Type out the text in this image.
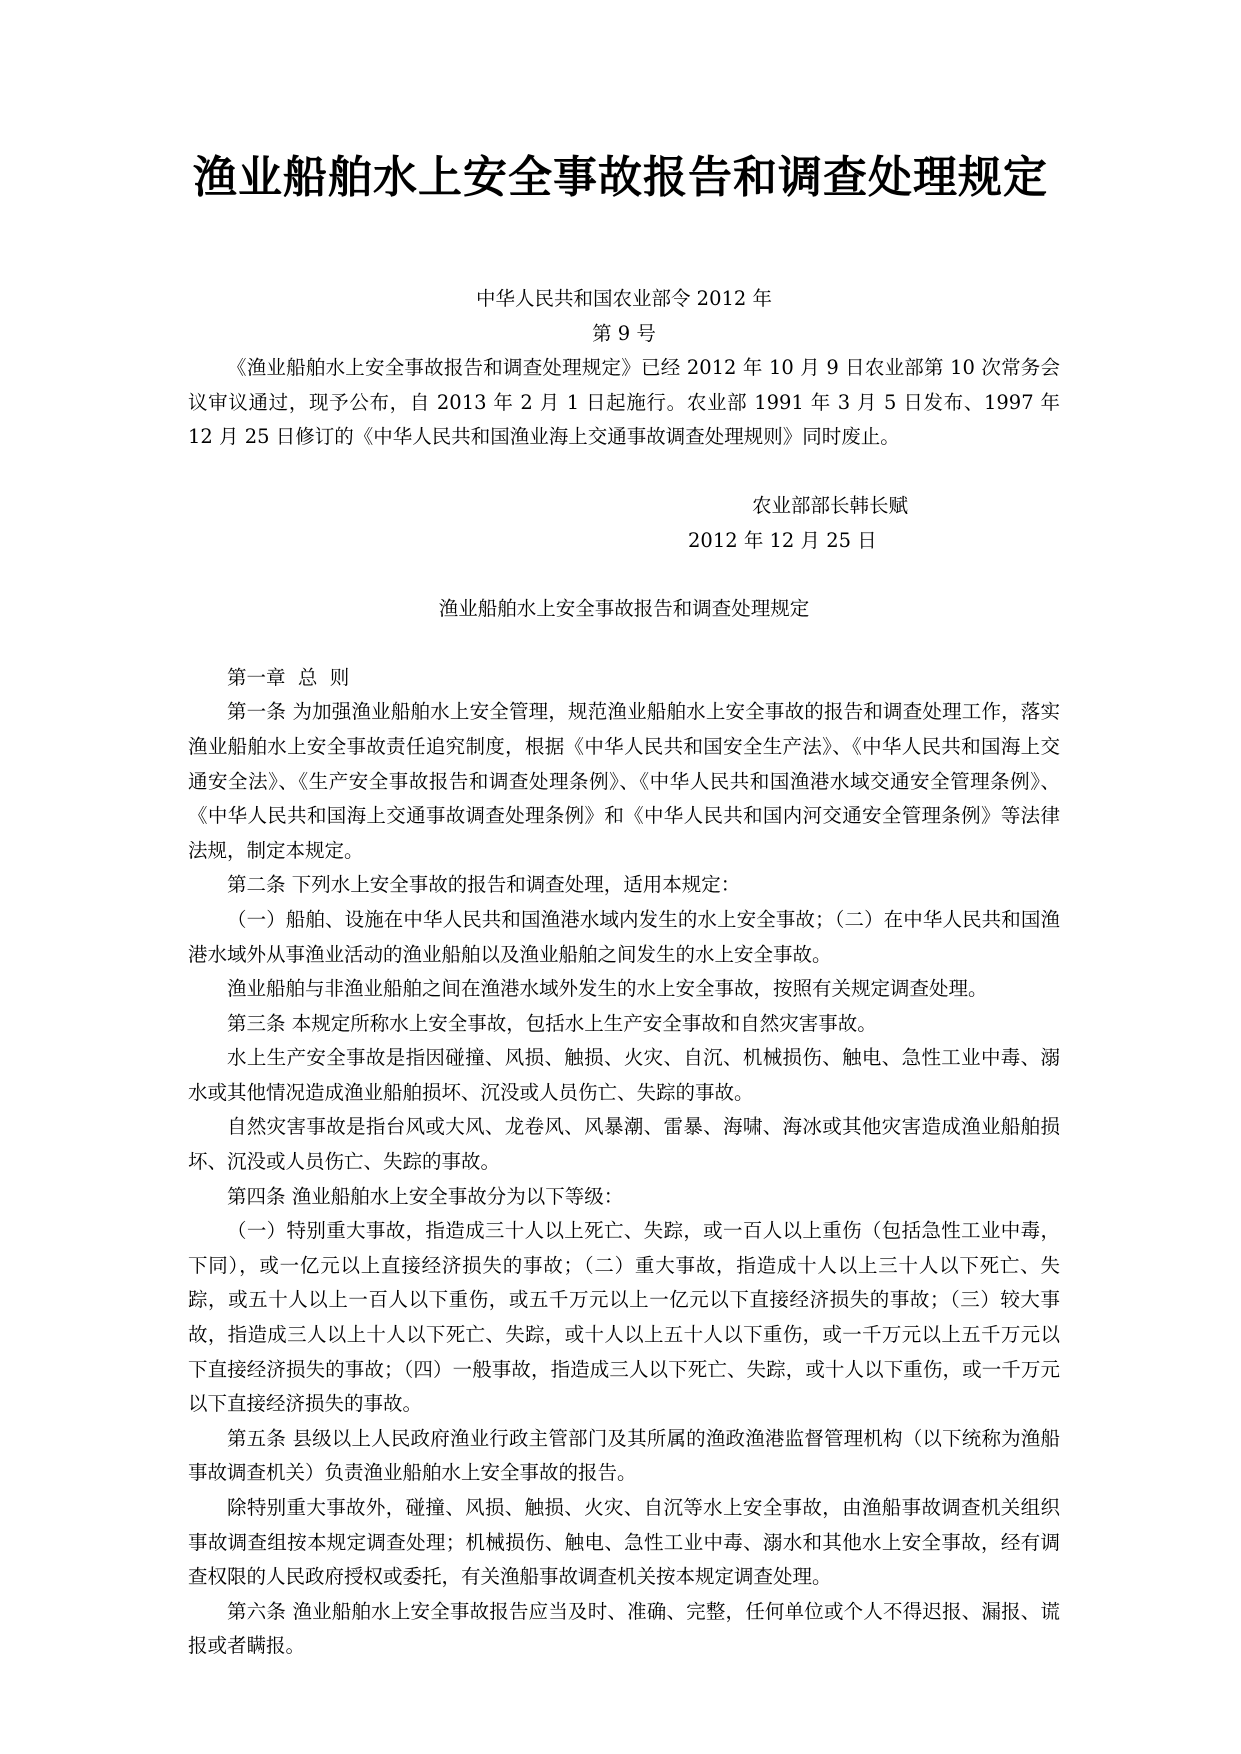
渔业船舶水上安全事故报告和调查处理规定

中华人民共和国农业部令 2012 年

第 9 号

《渔业船舶水上安全事故报告和调查处理规定》已经 2012 年 10 月 9 日农业部第 10 次常务会议审议通过，现予公布，自 2013 年 2 月 1 日起施行。农业部 1991 年 3 月 5 日发布、1997 年 12 月 25 日修订的《中华人民共和国渔业海上交通事故调查处理规则》同时废止。

农业部部长韩长赋

2012 年 12 月 25 日

渔业船舶水上安全事故报告和调查处理规定

第一章  总  则

第一条 为加强渔业船舶水上安全管理，规范渔业船舶水上安全事故的报告和调查处理工作，落实渔业船舶水上安全事故责任追究制度，根据《中华人民共和国安全生产法》、《中华人民共和国海上交通安全法》、《生产安全事故报告和调查处理条例》、《中华人民共和国渔港水域交通安全管理条例》、《中华人民共和国海上交通事故调查处理条例》和《中华人民共和国内河交通安全管理条例》等法律法规，制定本规定。

第二条 下列水上安全事故的报告和调查处理，适用本规定：

（一）船舶、设施在中华人民共和国渔港水域内发生的水上安全事故；（二）在中华人民共和国渔港水域外从事渔业活动的渔业船舶以及渔业船舶之间发生的水上安全事故。

渔业船舶与非渔业船舶之间在渔港水域外发生的水上安全事故，按照有关规定调查处理。

第三条 本规定所称水上安全事故，包括水上生产安全事故和自然灾害事故。

水上生产安全事故是指因碰撞、风损、触损、火灾、自沉、机械损伤、触电、急性工业中毒、溺水或其他情况造成渔业船舶损坏、沉没或人员伤亡、失踪的事故。

自然灾害事故是指台风或大风、龙卷风、风暴潮、雷暴、海啸、海冰或其他灾害造成渔业船舶损坏、沉没或人员伤亡、失踪的事故。

第四条 渔业船舶水上安全事故分为以下等级：

（一）特别重大事故，指造成三十人以上死亡、失踪，或一百人以上重伤（包括急性工业中毒，下同），或一亿元以上直接经济损失的事故；（二）重大事故，指造成十人以上三十人以下死亡、失踪，或五十人以上一百人以下重伤，或五千万元以上一亿元以下直接经济损失的事故；（三）较大事故，指造成三人以上十人以下死亡、失踪，或十人以上五十人以下重伤，或一千万元以上五千万元以下直接经济损失的事故；（四）一般事故，指造成三人以下死亡、失踪，或十人以下重伤，或一千万元以下直接经济损失的事故。

第五条 县级以上人民政府渔业行政主管部门及其所属的渔政渔港监督管理机构（以下统称为渔船事故调查机关）负责渔业船舶水上安全事故的报告。

除特别重大事故外，碰撞、风损、触损、火灾、自沉等水上安全事故，由渔船事故调查机关组织事故调查组按本规定调查处理；机械损伤、触电、急性工业中毒、溺水和其他水上安全事故，经有调查权限的人民政府授权或委托，有关渔船事故调查机关按本规定调查处理。

第六条 渔业船舶水上安全事故报告应当及时、准确、完整，任何单位或个人不得迟报、漏报、谎报或者瞒报。
